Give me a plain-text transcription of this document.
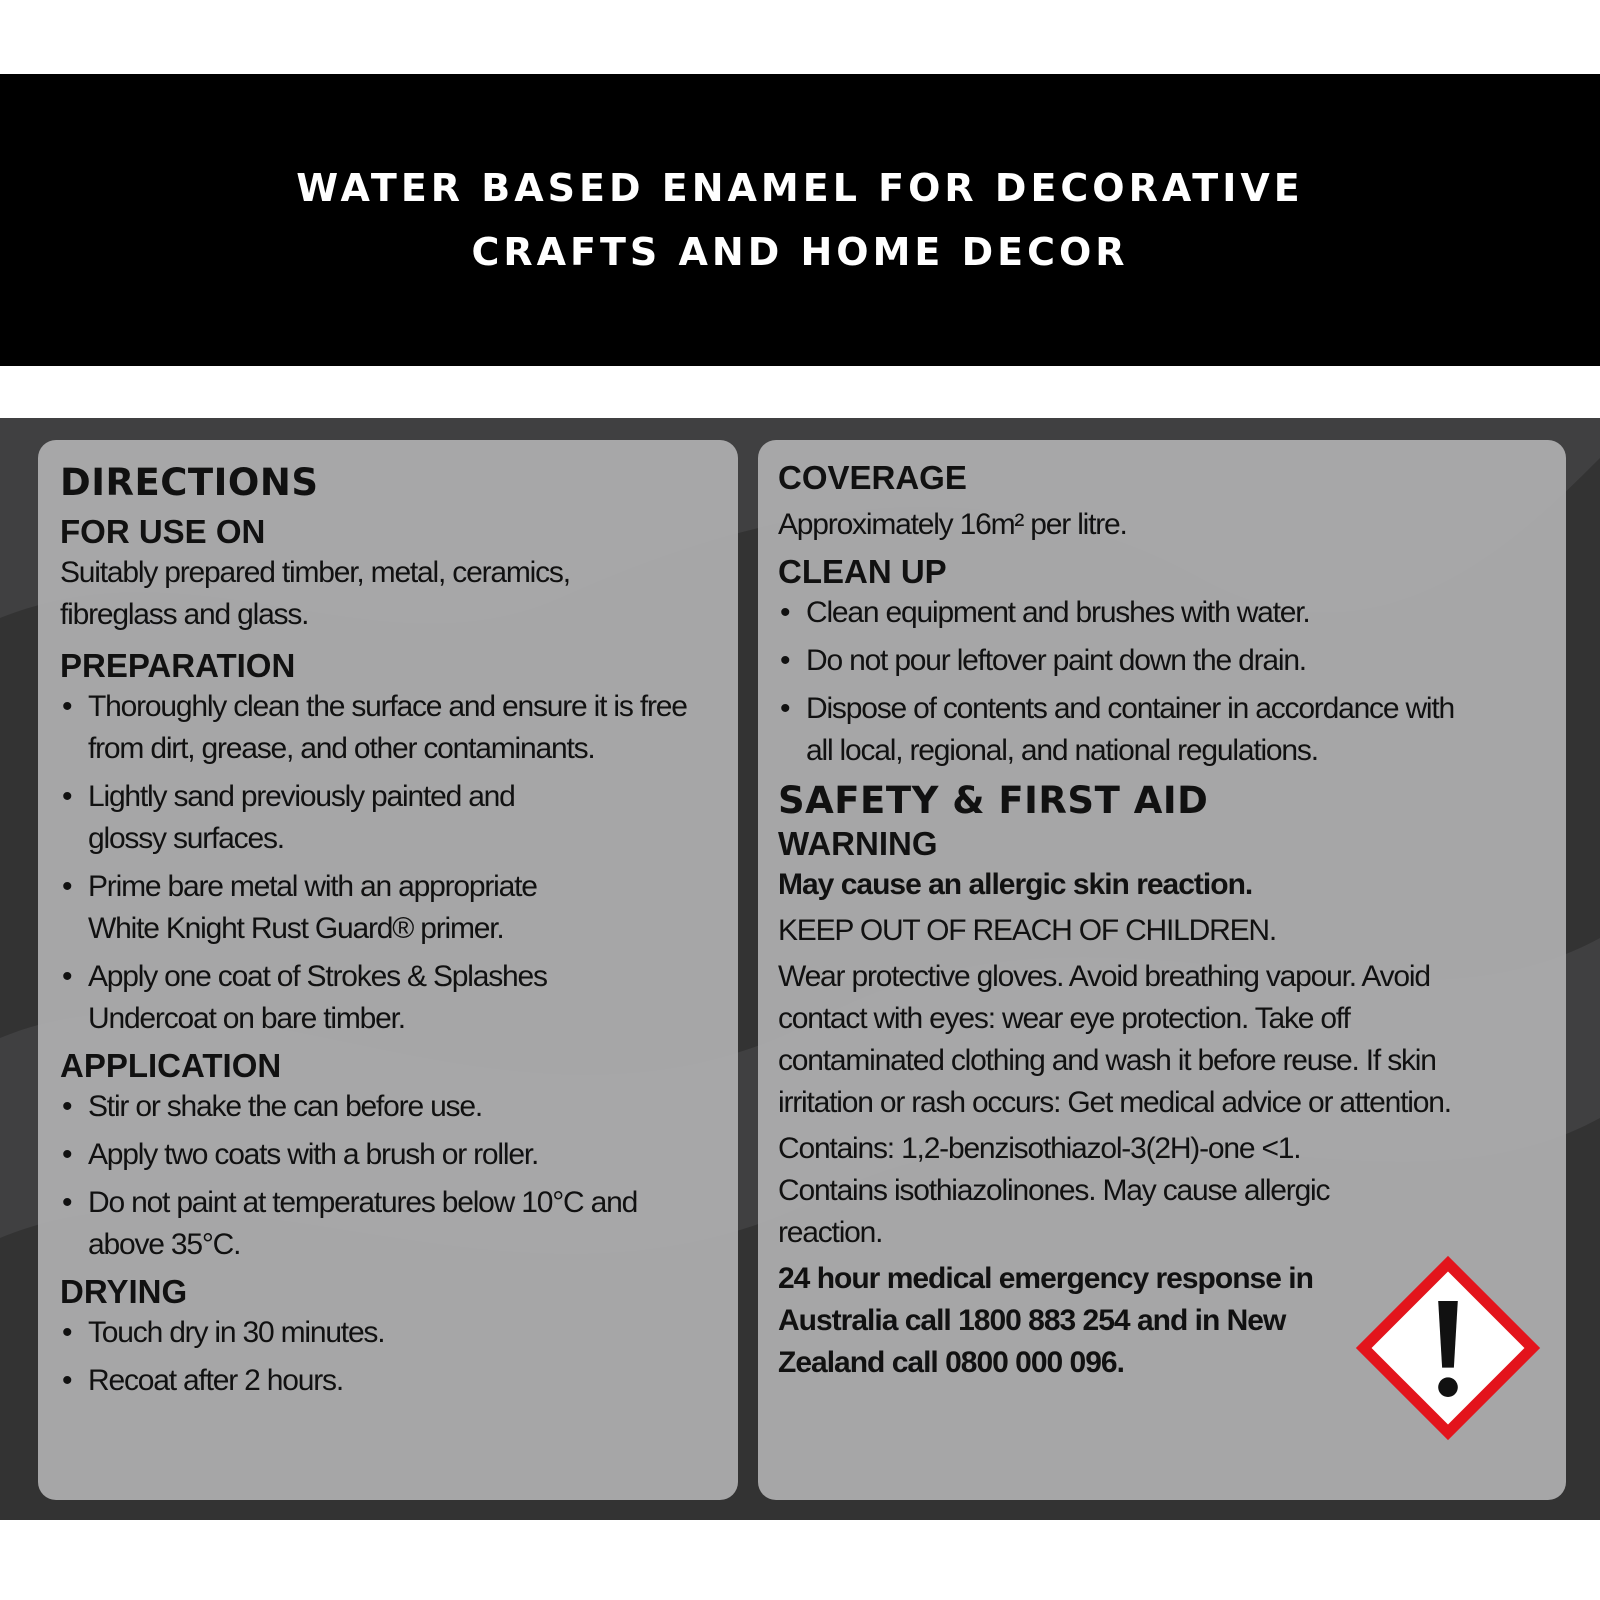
WATER BASED ENAMEL FOR DECORATIVE CRAFTS AND HOME DECOR
DIRECTIONS
FOR USE ON
Suitably prepared timber, metal, ceramics, fibreglass and glass.
PREPARATION
• Thoroughly clean the surface and ensure it is free from dirt, grease, and other contaminants.
• Lightly sand previously painted and glossy surfaces.
• Prime bare metal with an appropriate White Knight Rust Guard® primer.
• Apply one coat of Strokes & Splashes Undercoat on bare timber.
APPLICATION
• Stir or shake the can before use.
• Apply two coats with a brush or roller.
• Do not paint at temperatures below 10°C and above 35°C.
DRYING
• Touch dry in 30 minutes.
• Recoat after 2 hours.
COVERAGE
Approximately 16m² per litre.
CLEAN UP
• Clean equipment and brushes with water.
• Do not pour leftover paint down the drain.
• Dispose of contents and container in accordance with all local, regional, and national regulations.
SAFETY & FIRST AID
WARNING
May cause an allergic skin reaction.
KEEP OUT OF REACH OF CHILDREN.
Wear protective gloves. Avoid breathing vapour. Avoid contact with eyes: wear eye protection. Take off contaminated clothing and wash it before reuse. If skin irritation or rash occurs: Get medical advice or attention.
Contains: 1,2-benzisothiazol-3(2H)-one <1. Contains isothiazolinones. May cause allergic reaction.
24 hour medical emergency response in Australia call 1800 883 254 and in New Zealand call 0800 000 096.
